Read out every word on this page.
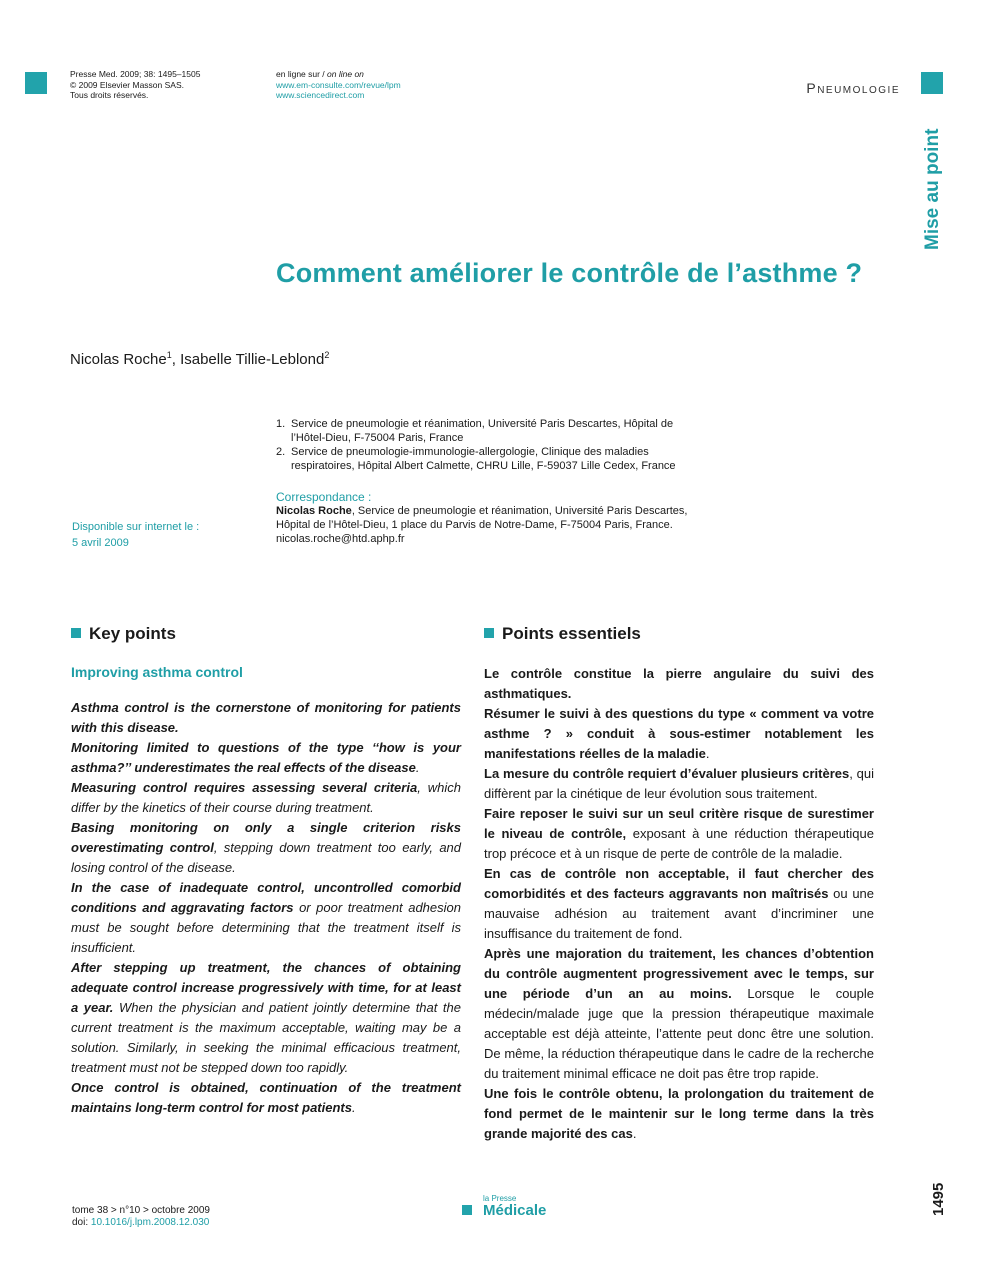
Presse Med. 2009; 38: 1495–1505
© 2009 Elsevier Masson SAS.
Tous droits réservés.
en ligne sur / on line on
www.em-consulte.com/revue/lpm
www.sciencedirect.com	Pneumologie
Mise au point
Comment améliorer le contrôle de l’asthme ?
Nicolas Roche$^1$, Isabelle Tillie-Leblond$^2$
1. Service de pneumologie et réanimation, Université Paris Descartes, Hôpital de
l’Hôtel-Dieu, F-75004 Paris, France
2. Service de pneumologie-immunologie-allergologie, Clinique des maladies
respiratoires, Hôpital Albert Calmette, CHRU Lille, F-59037 Lille Cedex, France
Disponible sur internet le :
5 avril 2009
Correspondance :
Nicolas Roche, Service de pneumologie et réanimation, Université Paris Descartes,
Hôpital de l’Hôtel-Dieu, 1 place du Parvis de Notre-Dame, F-75004 Paris, France.
nicolas.roche@htd.aphp.fr
Key points
Improving asthma control

Asthma control is the cornerstone of monitoring for patients with this disease.

Monitoring limited to questions of the type ‘‘how is your asthma?’’ underestimates the real effects of the disease.

Measuring control requires assessing several criteria, which differ by the kinetics of their course during treatment.

Basing monitoring on only a single criterion risks overestimating control, stepping down treatment too early, and losing control of the disease.

In the case of inadequate control, uncontrolled comorbid conditions and aggravating factors or poor treatment adhesion must be sought before determining that the treatment itself is insufficient.

After stepping up treatment, the chances of obtaining adequate control increase progressively with time, for at least a year. When the physician and patient jointly determine that the current treatment is the maximum acceptable, waiting may be a solution. Similarly, in seeking the minimal efficacious treatment, treatment must not be stepped down too rapidly.

Once control is obtained, continuation of the treatment maintains long-term control for most patients.

Points essentiels

Le contrôle constitue la pierre angulaire du suivi des asthmatiques.

Résumer le suivi à des questions du type « comment va votre asthme ? » conduit à sous-estimer notablement les manifestations réelles de la maladie.

La mesure du contrôle requiert d’évaluer plusieurs critères, qui diffèrent par la cinétique de leur évolution sous traitement.

Faire reposer le suivi sur un seul critère risque de surestimer le niveau de contrôle, exposant à une réduction thérapeutique trop précoce et à un risque de perte de contrôle de la maladie.

En cas de contrôle non acceptable, il faut chercher des comorbidités et des facteurs aggravants non maîtrisés ou une mauvaise adhésion au traitement avant d’incriminer une insuffisance du traitement de fond.

Après une majoration du traitement, les chances d’obtention du contrôle augmentent progressivement avec le temps, sur une période d’un an au moins. Lorsque le couple médecin/malade juge que la pression thérapeutique maximale acceptable est déjà atteinte, l’attente peut donc être une solution. De même, la réduction thérapeutique dans le cadre de la recherche du traitement minimal efficace ne doit pas être trop rapide.

Une fois le contrôle obtenu, la prolongation du traitement de fond permet de le maintenir sur le long terme dans la très grande majorité des cas.

tome 38 > n°10 > octobre 2009
doi: 10.1016/j.lpm.2008.12.030
la Presse
Médicale	1495
